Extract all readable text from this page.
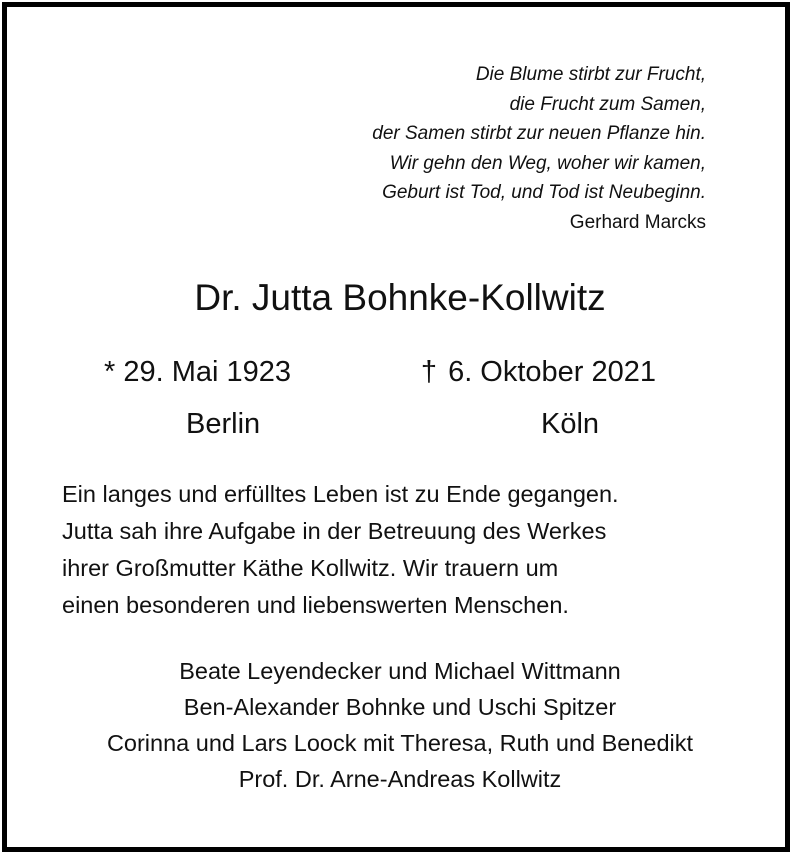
Die Blume stirbt zur Frucht,
die Frucht zum Samen,
der Samen stirbt zur neuen Pflanze hin.
Wir gehn den Weg, woher wir kamen,
Geburt ist Tod, und Tod ist Neubeginn.
Gerhard Marcks
Dr. Jutta Bohnke-Kollwitz
* 29. Mai 1923	† 6. Oktober 2021
Berlin	Köln
Ein langes und erfülltes Leben ist zu Ende gegangen.
Jutta sah ihre Aufgabe in der Betreuung des Werkes
ihrer Großmutter Käthe Kollwitz. Wir trauern um
einen besonderen und liebenswerten Menschen.
Beate Leyendecker und Michael Wittmann
Ben-Alexander Bohnke und Uschi Spitzer
Corinna und Lars Loock mit Theresa, Ruth und Benedikt
Prof. Dr. Arne-Andreas Kollwitz
